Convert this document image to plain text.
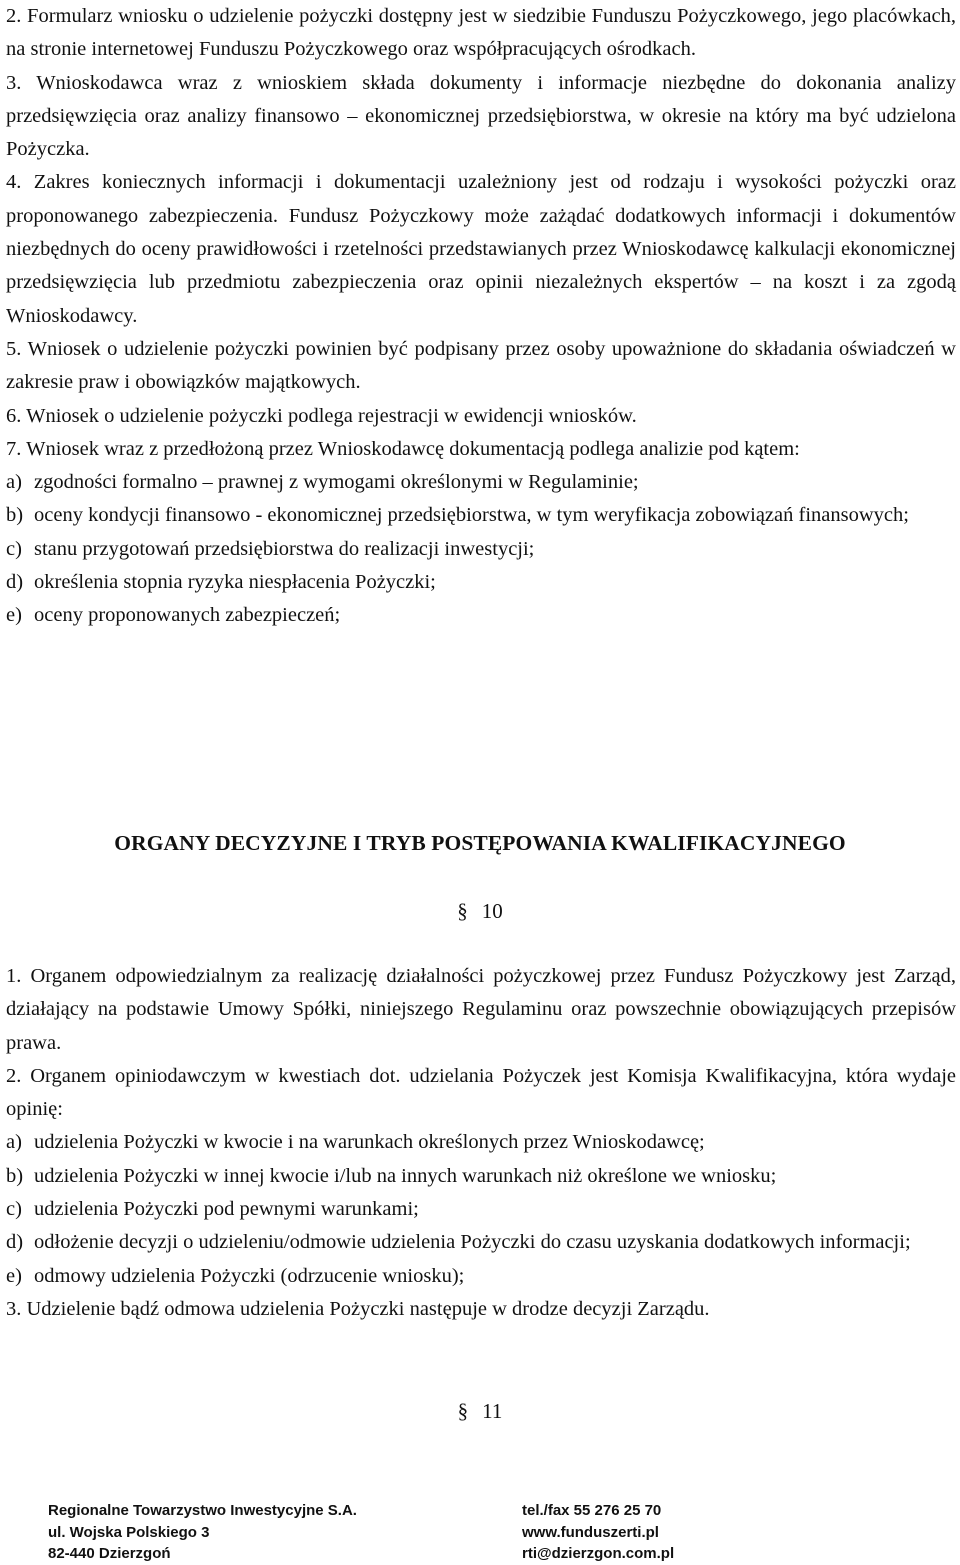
2. Formularz wniosku o udzielenie pożyczki dostępny jest w siedzibie Funduszu Pożyczkowego, jego placówkach, na stronie internetowej Funduszu Pożyczkowego oraz współpracujących ośrodkach.

3. Wnioskodawca wraz z wnioskiem składa dokumenty i informacje niezbędne do dokonania analizy przedsięwzięcia oraz analizy finansowo – ekonomicznej przedsiębiorstwa, w okresie na który ma być udzielona Pożyczka.

4. Zakres koniecznych informacji i dokumentacji uzależniony jest od rodzaju i wysokości pożyczki oraz proponowanego zabezpieczenia. Fundusz Pożyczkowy może zażądać dodatkowych informacji i dokumentów niezbędnych do oceny prawidłowości i rzetelności przedstawianych przez Wnioskodawcę kalkulacji ekonomicznej przedsięwzięcia lub przedmiotu zabezpieczenia oraz opinii niezależnych ekspertów – na koszt i za zgodą Wnioskodawcy.

5. Wniosek o udzielenie pożyczki powinien być podpisany przez osoby upoważnione do składania oświadczeń w zakresie praw i obowiązków majątkowych.

6. Wniosek o udzielenie pożyczki podlega rejestracji w ewidencji wniosków.

7. Wniosek wraz z przedłożoną przez Wnioskodawcę dokumentacją podlega analizie pod kątem:

a) zgodności formalno – prawnej z wymogami określonymi w Regulaminie;

b) oceny kondycji finansowo - ekonomicznej przedsiębiorstwa, w tym weryfikacja zobowiązań finansowych;

c) stanu przygotowań przedsiębiorstwa do realizacji inwestycji;

d) określenia stopnia ryzyka niespłacenia Pożyczki;

e) oceny proponowanych zabezpieczeń;

ORGANY DECYZYJNE I TRYB POSTĘPOWANIA KWALIFIKACYJNEGO
§ 10

1. Organem odpowiedzialnym za realizację działalności pożyczkowej przez Fundusz Pożyczkowy jest Zarząd, działający na podstawie Umowy Spółki, niniejszego Regulaminu oraz powszechnie obowiązujących przepisów prawa.

2. Organem opiniodawczym w kwestiach dot. udzielania Pożyczek jest Komisja Kwalifikacyjna, która wydaje opinię:

a) udzielenia Pożyczki w kwocie i na warunkach określonych przez Wnioskodawcę;

b) udzielenia Pożyczki w innej kwocie i/lub na innych warunkach niż określone we wniosku;

c) udzielenia Pożyczki pod pewnymi warunkami;

d) odłożenie decyzji o udzieleniu/odmowie udzielenia Pożyczki do czasu uzyskania dodatkowych informacji;

e) odmowy udzielenia Pożyczki (odrzucenie wniosku);

3. Udzielenie bądź odmowa udzielenia Pożyczki następuje w drodze decyzji Zarządu.

§ 11
Regionalne Towarzystwo Inwestycyjne S.A.
ul. Wojska Polskiego 3
82-440 Dzierzgoń
tel./fax 55 276 25 70
www.funduszerti.pl
rti@dzierzgon.com.pl
